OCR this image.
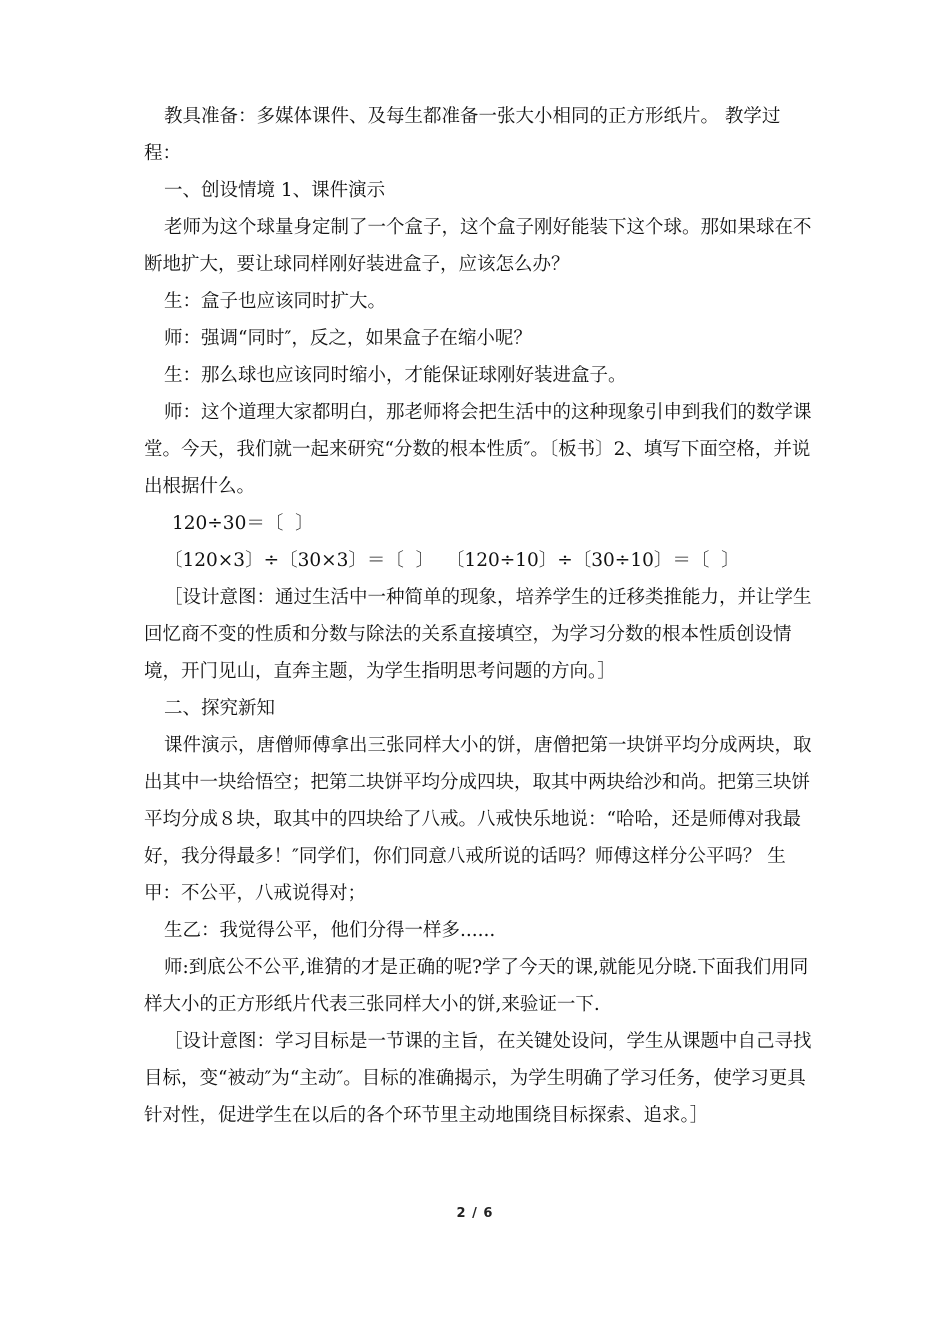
教具准备：多媒体课件、及每生都准备一张大小相同的正方形纸片。 教学过程：

一、创设情境 1、课件演示

老师为这个球量身定制了一个盒子，这个盒子刚好能装下这个球。那如果球在不断地扩大，要让球同样刚好装进盒子，应该怎么办？

生：盒子也应该同时扩大。

师：强调“同时″，反之，如果盒子在缩小呢？

生：那么球也应该同时缩小，才能保证球刚好装进盒子。

师：这个道理大家都明白，那老师将会把生活中的这种现象引申到我们的数学课堂。今天，我们就一起来研究“分数的根本性质″。〔板书〕2、填写下面空格，并说出根据什么。

120÷30＝〔  〕

〔120×3〕÷〔30×3〕＝〔  〕  〔120÷10〕÷〔30÷10〕＝〔  〕

［设计意图：通过生活中一种简单的现象，培养学生的迁移类推能力，并让学生回忆商不变的性质和分数与除法的关系直接填空，为学习分数的根本性质创设情境，开门见山，直奔主题，为学生指明思考问题的方向。］

二、探究新知

课件演示，唐僧师傅拿出三张同样大小的饼，唐僧把第一块饼平均分成两块，取出其中一块给悟空；把第二块饼平均分成四块，取其中两块给沙和尚。把第三块饼平均分成８块，取其中的四块给了八戒。八戒快乐地说：“哈哈，还是师傅对我最好，我分得最多！″同学们，你们同意八戒所说的话吗？师傅这样分公平吗？ 生甲：不公平，八戒说得对；

生乙：我觉得公平，他们分得一样多......

师:到底公不公平,谁猜的才是正确的呢?学了今天的课,就能见分晓.下面我们用同样大小的正方形纸片代表三张同样大小的饼,来验证一下.

［设计意图：学习目标是一节课的主旨，在关键处设问，学生从课题中自己寻找目标，变“被动″为“主动″。目标的准确揭示，为学生明确了学习任务，使学习更具针对性，促进学生在以后的各个环节里主动地围绕目标探索、追求。］

2 / 6
